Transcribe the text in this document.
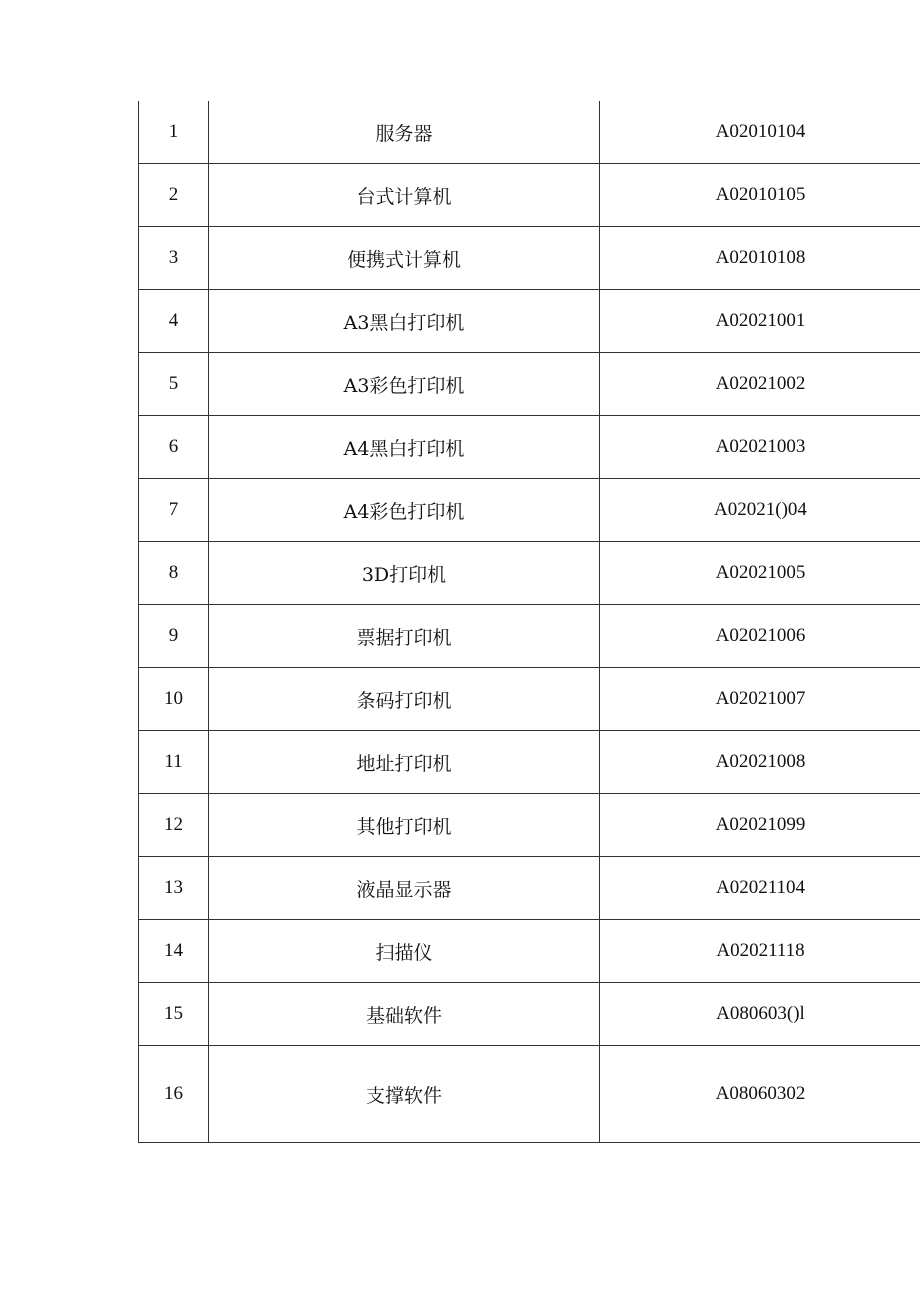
1	服务器	A02010104
2	台式计算机	A02010105
3	便携式计算机	A02010108
4	A3黑白打印机	A02021001
5	A3彩色打印机	A02021002
6	A4黑白打印机	A02021003
7	A4彩色打印机	A02021()04
8	3D打印机	A02021005
9	票据打印机	A02021006
10	条码打印机	A02021007
11	地址打印机	A02021008
12	其他打印机	A02021099
13	液晶显示器	A02021104
14	扫描仪	A02021118
15	基础软件	A080603()l
16	支撑软件	A08060302
